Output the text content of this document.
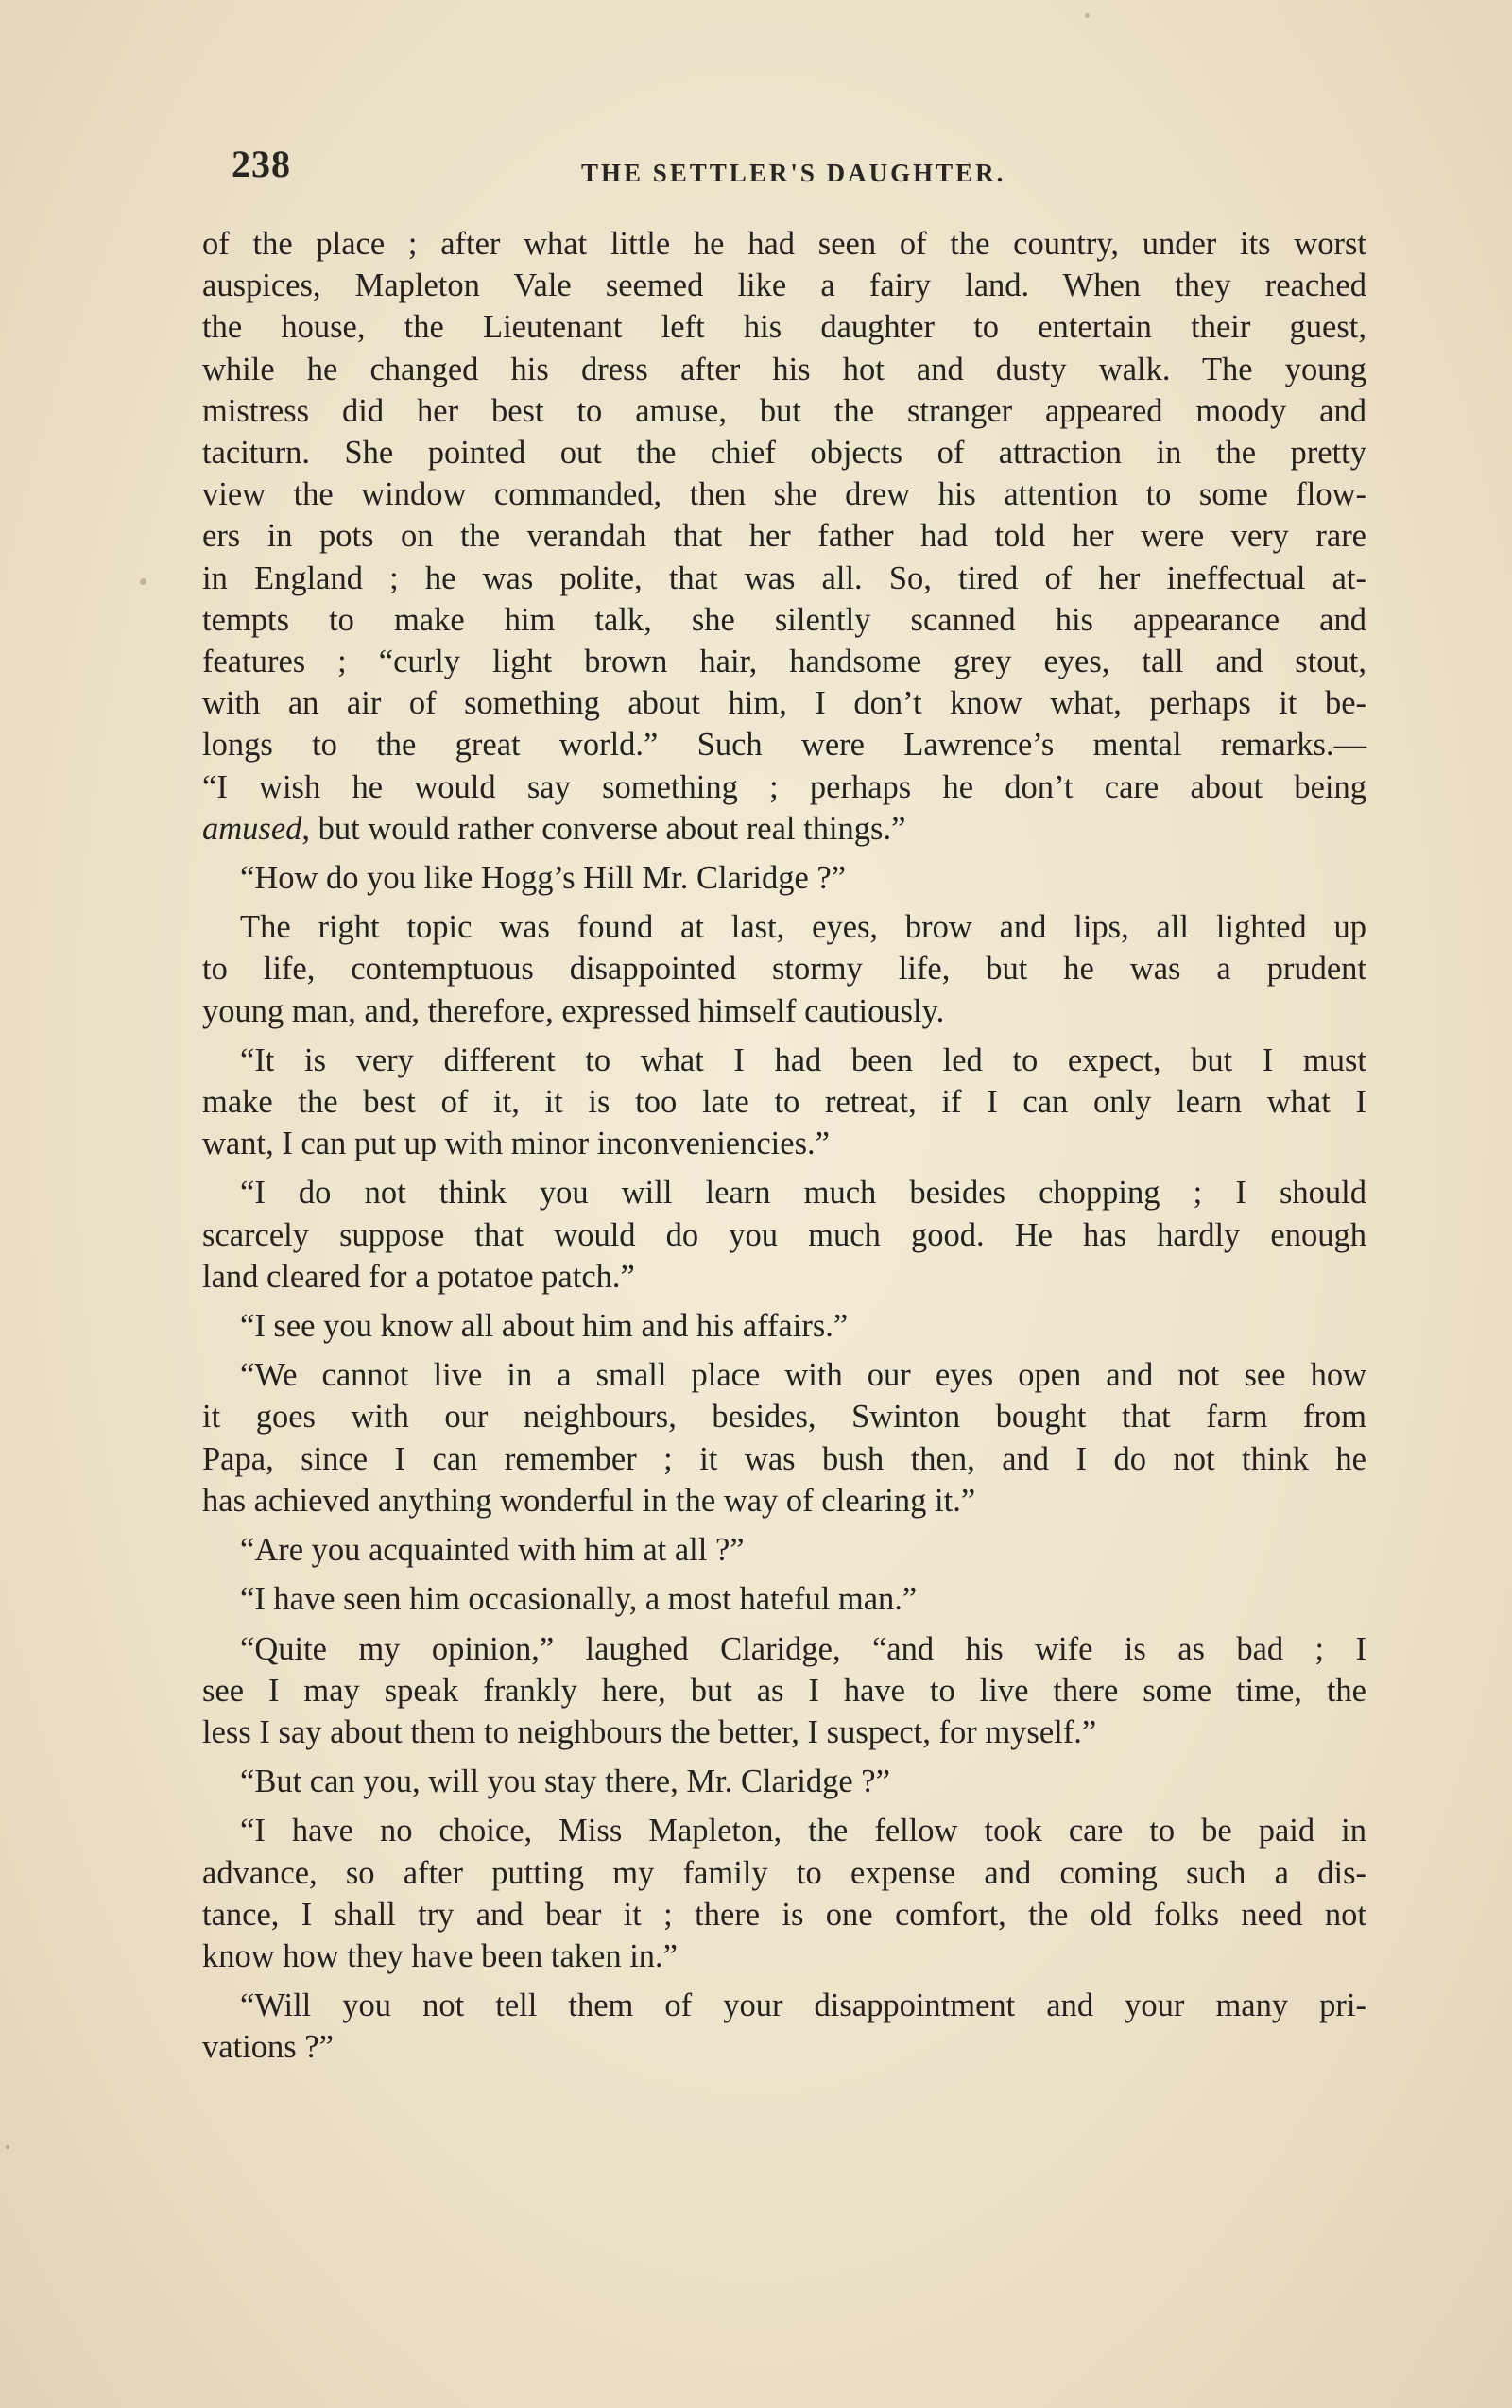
238	THE SETTLER'S DAUGHTER.
of the place ; after what little he had seen of the country, under its worst
auspices, Mapleton Vale seemed like a fairy land. When they reached
the house, the Lieutenant left his daughter to entertain their guest,
while he changed his dress after his hot and dusty walk. The young
mistress did her best to amuse, but the stranger appeared moody and
taciturn. She pointed out the chief objects of attraction in the pretty
view the window commanded, then she drew his attention to some flow-
ers in pots on the verandah that her father had told her were very rare
in England ; he was polite, that was all. So, tired of her ineffectual at-
tempts to make him talk, she silently scanned his appearance and
features ; “curly light brown hair, handsome grey eyes, tall and stout,
with an air of something about him, I don’t know what, perhaps it be-
longs to the great world.” Such were Lawrence’s mental remarks.—
“I wish he would say something ; perhaps he don’t care about being
amused, but would rather converse about real things.”
“How do you like Hogg’s Hill Mr. Claridge ?”
The right topic was found at last, eyes, brow and lips, all lighted up
to life, contemptuous disappointed stormy life, but he was a prudent
young man, and, therefore, expressed himself cautiously.
“It is very different to what I had been led to expect, but I must
make the best of it, it is too late to retreat, if I can only learn what I
want, I can put up with minor inconveniencies.”
“I do not think you will learn much besides chopping ; I should
scarcely suppose that would do you much good. He has hardly enough
land cleared for a potatoe patch.”
“I see you know all about him and his affairs.”
“We cannot live in a small place with our eyes open and not see how
it goes with our neighbours, besides, Swinton bought that farm from
Papa, since I can remember ; it was bush then, and I do not think he
has achieved anything wonderful in the way of clearing it.”
“Are you acquainted with him at all ?”
“I have seen him occasionally, a most hateful man.”
“Quite my opinion,” laughed Claridge, “and his wife is as bad ; I
see I may speak frankly here, but as I have to live there some time, the
less I say about them to neighbours the better, I suspect, for myself.”
“But can you, will you stay there, Mr. Claridge ?”
“I have no choice, Miss Mapleton, the fellow took care to be paid in
advance, so after putting my family to expense and coming such a dis-
tance, I shall try and bear it ; there is one comfort, the old folks need not
know how they have been taken in.”
“Will you not tell them of your disappointment and your many pri-
vations ?”
